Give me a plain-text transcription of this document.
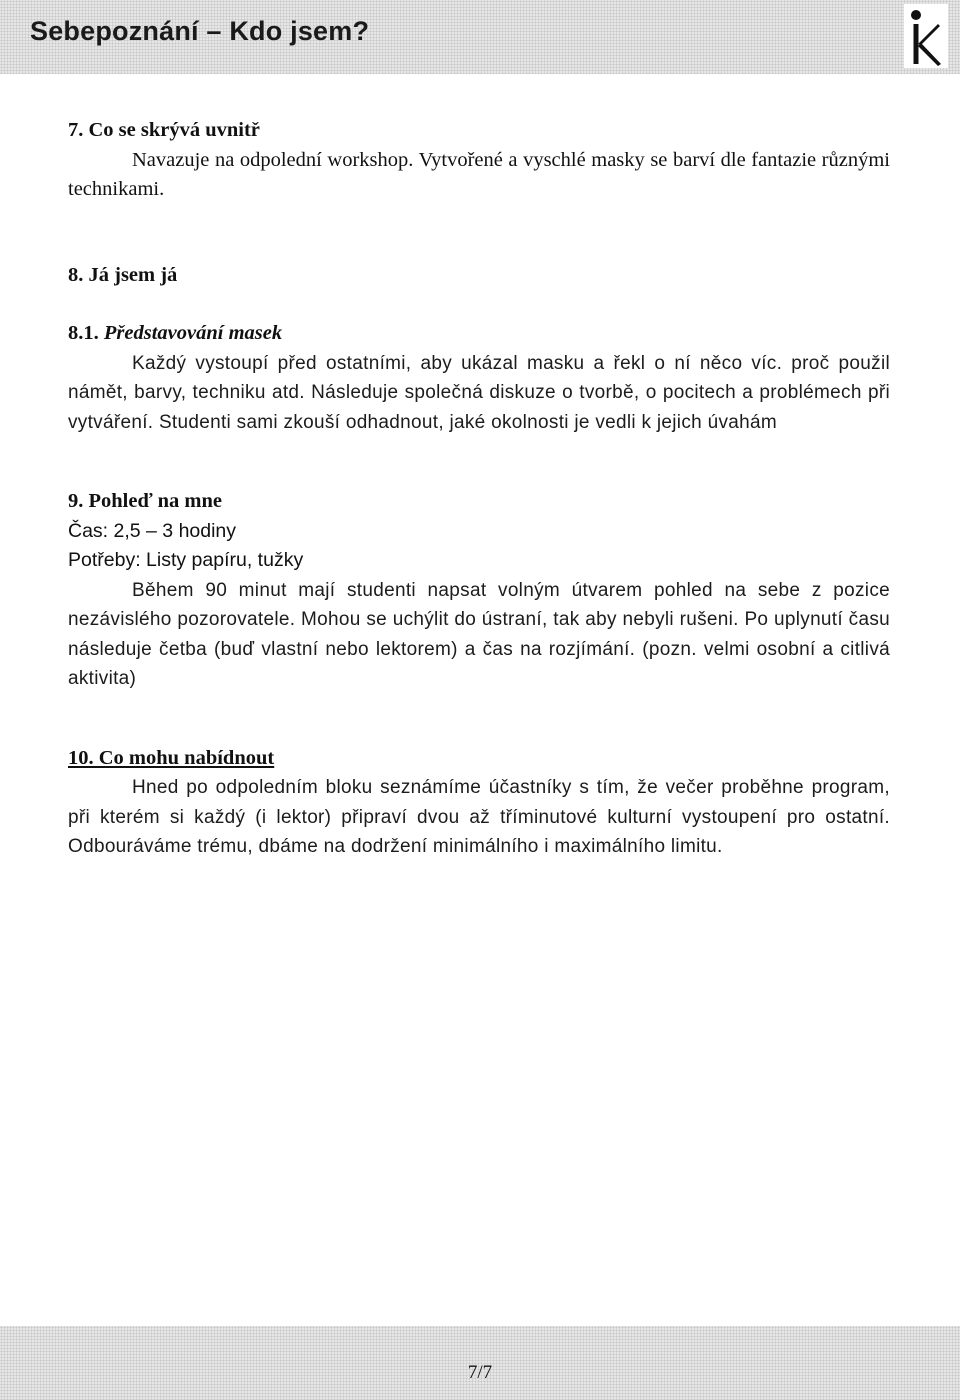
Sebepoznání – Kdo jsem?

7. Co se skrývá uvnitř

Navazuje na odpolední workshop. Vytvořené a vyschlé masky se barví dle fantazie různými technikami.

8. Já jsem já

8.1. Představování masek

Každý vystoupí před ostatními, aby ukázal masku a řekl o ní něco víc. proč použil námět, barvy, techniku atd. Následuje společná diskuze o tvorbě, o pocitech a problémech při vytváření. Studenti sami zkouší odhadnout, jaké okolnosti je vedli k jejich úvahám

9. Pohleď na mne

Čas: 2,5 – 3 hodiny

Potřeby: Listy papíru, tužky

Během 90 minut mají studenti napsat volným útvarem pohled na sebe z pozice nezávislého pozorovatele. Mohou se uchýlit do ústraní, tak aby nebyli rušeni. Po uplynutí času následuje četba (buď vlastní nebo lektorem) a čas na rozjímání. (pozn. velmi osobní a citlivá aktivita)

10. Co mohu nabídnout

Hned po odpoledním bloku seznámíme účastníky s tím, že večer proběhne program, při kterém si každý (i lektor) připraví dvou až tříminutové kulturní vystoupení pro ostatní. Odbouráváme trému, dbáme na dodržení minimálního i maximálního limitu.

7/7
